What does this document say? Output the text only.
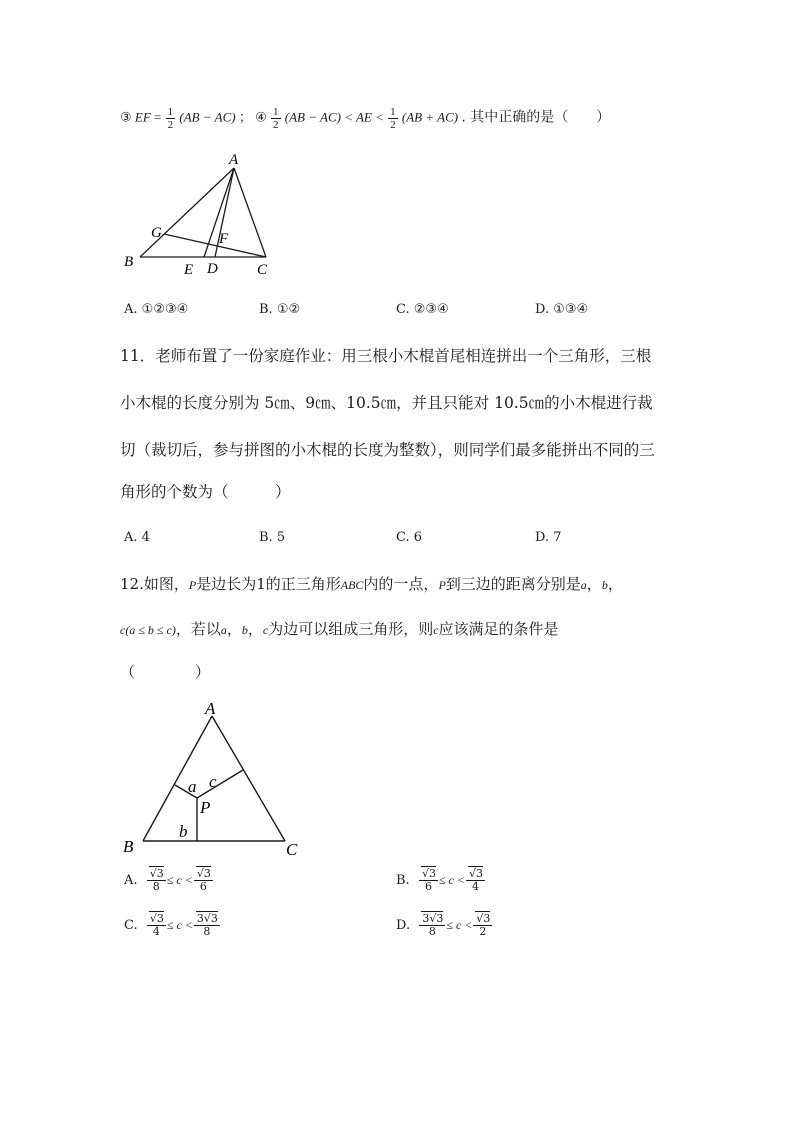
③ EF = $\frac{1}{2} (AB - AC)$ ； ④ $\frac{1}{2} (AB - AC)$ < AE < $\frac{1}{2} (AB + AC)$ . 其中正确的是（　　）
A
B	C
D
E
F
G
A. ①②③④	B. ①②	C. ②③④	D. ①③④
11．老师布置了一份家庭作业：用三根小木棍首尾相连拼出一个三角形，三根
小木棍的长度分别为 5㎝、9㎝、10.5㎝，并且只能对 10.5㎝的小木棍进行裁
切（裁切后，参与拼图的小木棍的长度为整数），则同学们最多能拼出不同的三
角形的个数为（　　　）
A. 4	B. 5	C. 6	D. 7
12.如图，P是边长为1的正三角形ABC内的一点，P到三边的距离分别是a，b，
c(a ≤ b ≤ c)，若以a，b，c为边可以组成三角形，则c应该满足的条件是
（　　　　）
A
B	C
P
a
b
c
A. $\frac{√3}{8} \le c < \frac{√3}{6}$	B. $\frac{√3}{6} \le c < \frac{√3}{4}$
C. $\frac{√3}{4} \le c < \frac{3√3}{8}$	D. $\frac{3√3}{8} \le c < \frac{√3}{2}$
